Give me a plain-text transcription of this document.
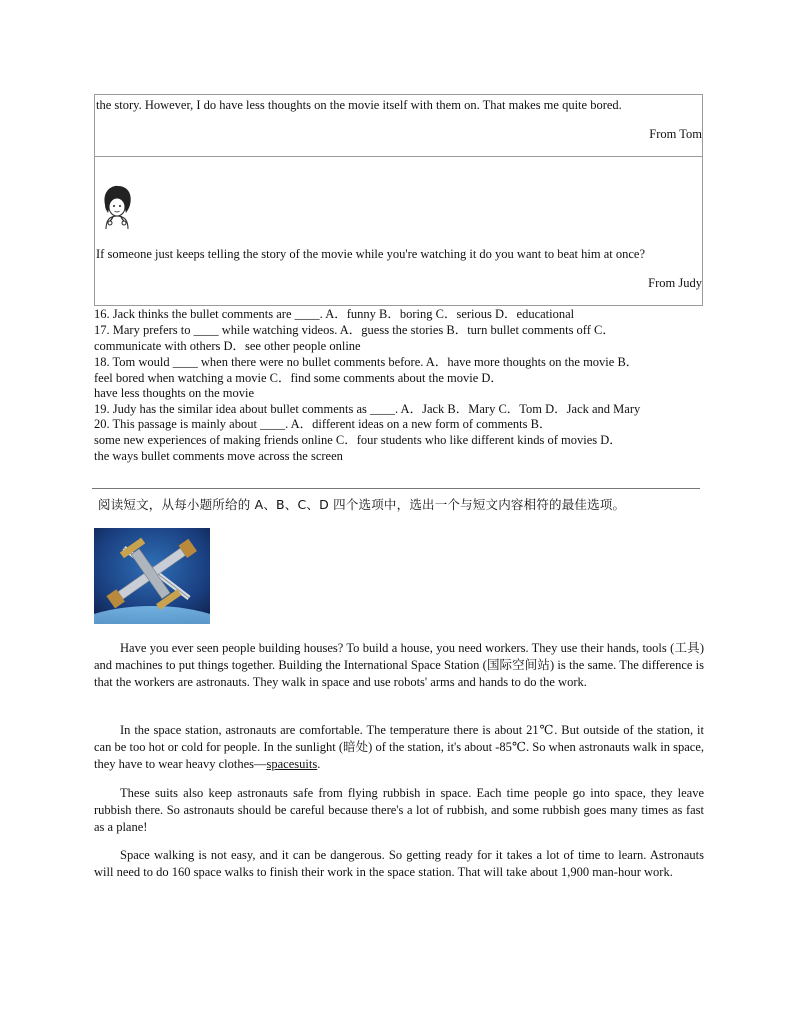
the story. However, I do have less thoughts on the movie itself with them on. That makes me quite bored.
From Tom
If someone just keeps telling the story of the movie while you're watching it do you want to beat him at once?
From Judy
16. Jack thinks the bullet comments are ____. A．funny B．boring C．serious D．educational
17. Mary prefers to ____ while watching videos. A．guess the stories B．turn bullet comments off C．
communicate with others D．see other people online
18. Tom would ____ when there were no bullet comments before. A．have more thoughts on the movie B．
feel bored when watching a movie C．find some comments about the movie D．
have less thoughts on the movie
19. Judy has the similar idea about bullet comments as ____. A．Jack B．Mary C．Tom D．Jack and Mary
20. This passage is mainly about ____. A．different ideas on a new form of comments B．
some new experiences of making friends online C．four students who like different kinds of movies D．
the ways bullet comments move across the screen
阅读短文，从每小题所给的 A、B、C、D 四个选项中，选出一个与短文内容相符的最佳选项。
Have you ever seen people building houses? To build a house, you need workers. They use their hands, tools (工具) and machines to put things together. Building the International Space Station (国际空间站) is the same. The difference is that the workers are astronauts. They walk in space and use robots' arms and hands to do the work.
In the space station, astronauts are comfortable. The temperature there is about 21℃. But outside of the station, it can be too hot or cold for people. In the sunlight (暗处) of the station, it's about -85℃. So when astronauts walk in space, they have to wear heavy clothes—spacesuits.
These suits also keep astronauts safe from flying rubbish in space. Each time people go into space, they leave rubbish there. So astronauts should be careful because there's a lot of rubbish, and some rubbish goes many times as fast as a plane!
Space walking is not easy, and it can be dangerous. So getting ready for it takes a lot of time to learn. Astronauts will need to do 160 space walks to finish their work in the space station. That will take about 1,900 man-hour work.
